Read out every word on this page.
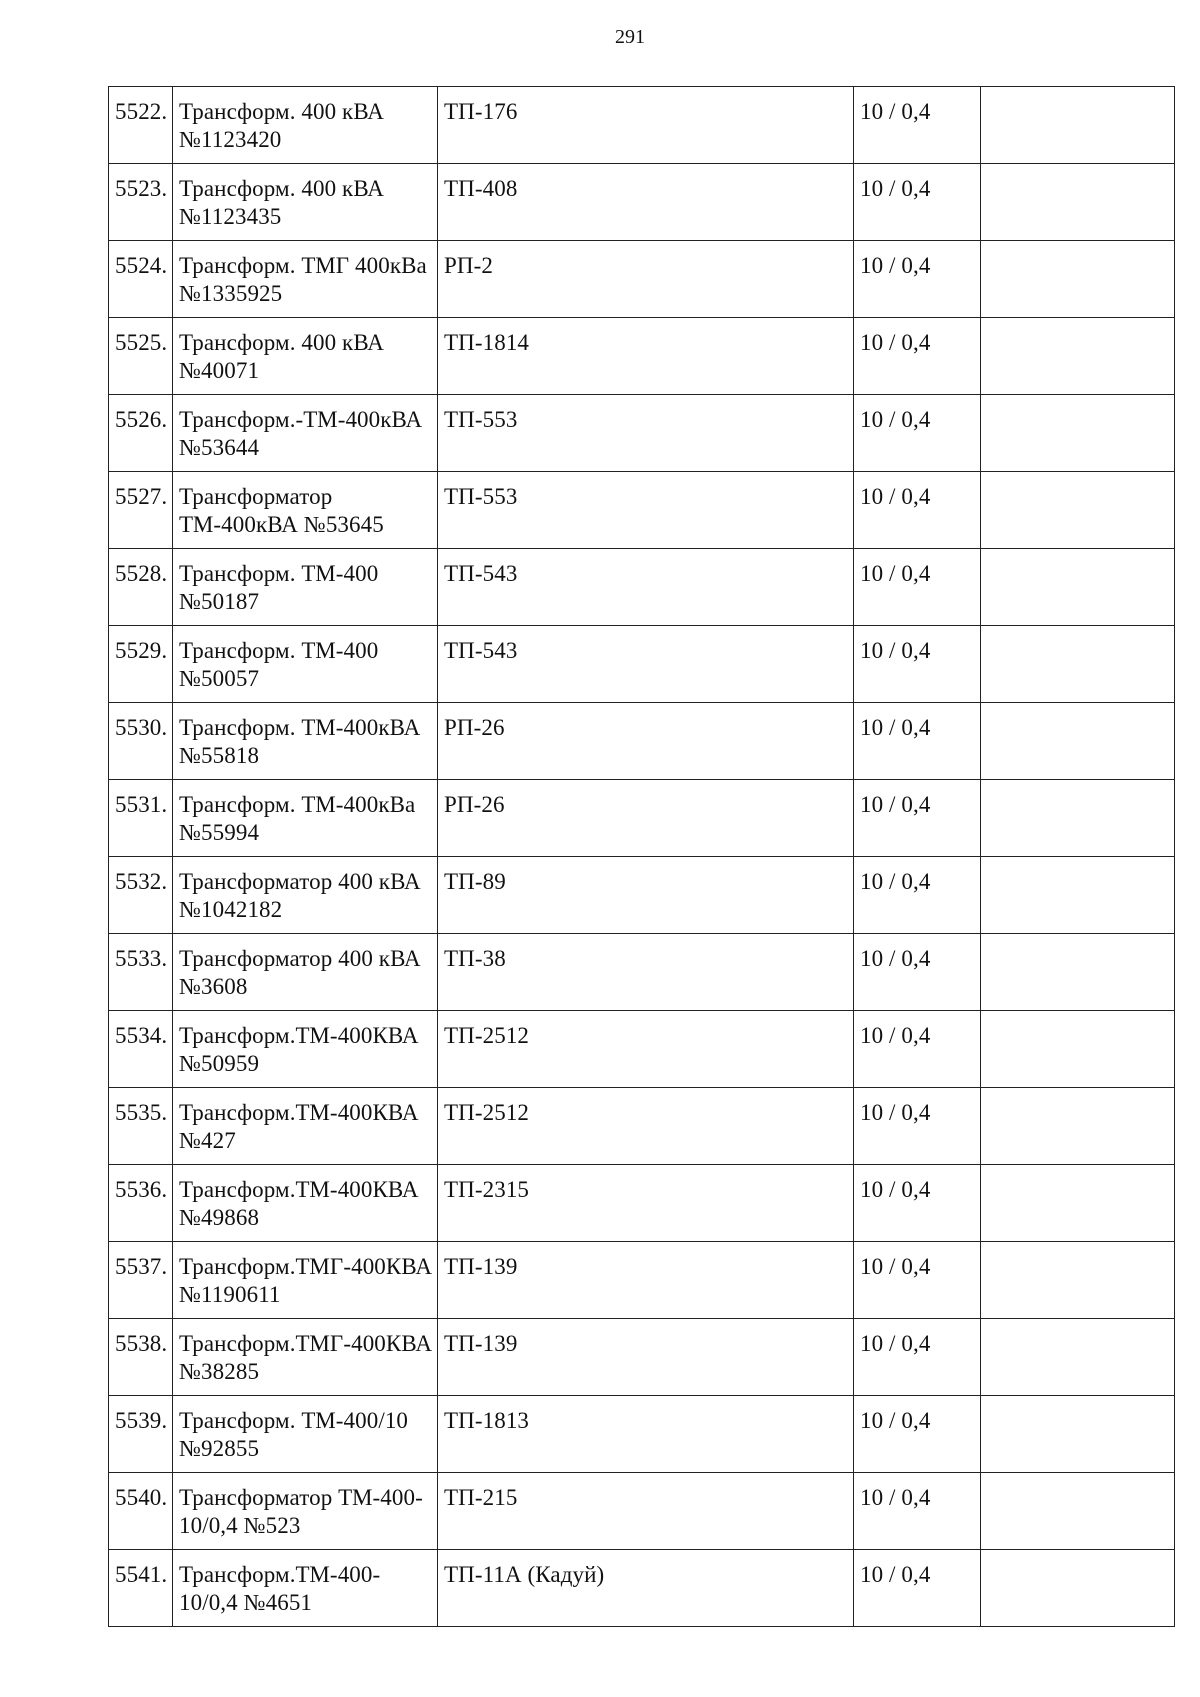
291
5522.	Трансформ. 400 кВА №1123420	ТП-176	10 / 0,4	
5523.	Трансформ. 400 кВА №1123435	ТП-408	10 / 0,4	
5524.	Трансформ. ТМГ 400кВа №1335925	РП-2	10 / 0,4	
5525.	Трансформ. 400 кВА №40071	ТП-1814	10 / 0,4	
5526.	Трансформ.-ТМ-400кВА №53644	ТП-553	10 / 0,4	
5527.	Трансформатор ТМ-400кВА №53645	ТП-553	10 / 0,4	
5528.	Трансформ. ТМ-400 №50187	ТП-543	10 / 0,4	
5529.	Трансформ. ТМ-400 №50057	ТП-543	10 / 0,4	
5530.	Трансформ. ТМ-400кВА №55818	РП-26	10 / 0,4	
5531.	Трансформ. ТМ-400кВа №55994	РП-26	10 / 0,4	
5532.	Трансформатор 400 кВА №1042182	ТП-89	10 / 0,4	
5533.	Трансформатор 400 кВА №3608	ТП-38	10 / 0,4	
5534.	Трансформ.ТМ-400КВА №50959	ТП-2512	10 / 0,4	
5535.	Трансформ.ТМ-400КВА №427	ТП-2512	10 / 0,4	
5536.	Трансформ.ТМ-400КВА №49868	ТП-2315	10 / 0,4	
5537.	Трансформ.ТМГ-400КВА №1190611	ТП-139	10 / 0,4	
5538.	Трансформ.ТМГ-400КВА №38285	ТП-139	10 / 0,4	
5539.	Трансформ. ТМ-400/10 №92855	ТП-1813	10 / 0,4	
5540.	Трансформатор ТМ-400-10/0,4 №523	ТП-215	10 / 0,4	
5541.	Трансформ.ТМ-400-10/0,4 №4651	ТП-11А (Кадуй)	10 / 0,4	
